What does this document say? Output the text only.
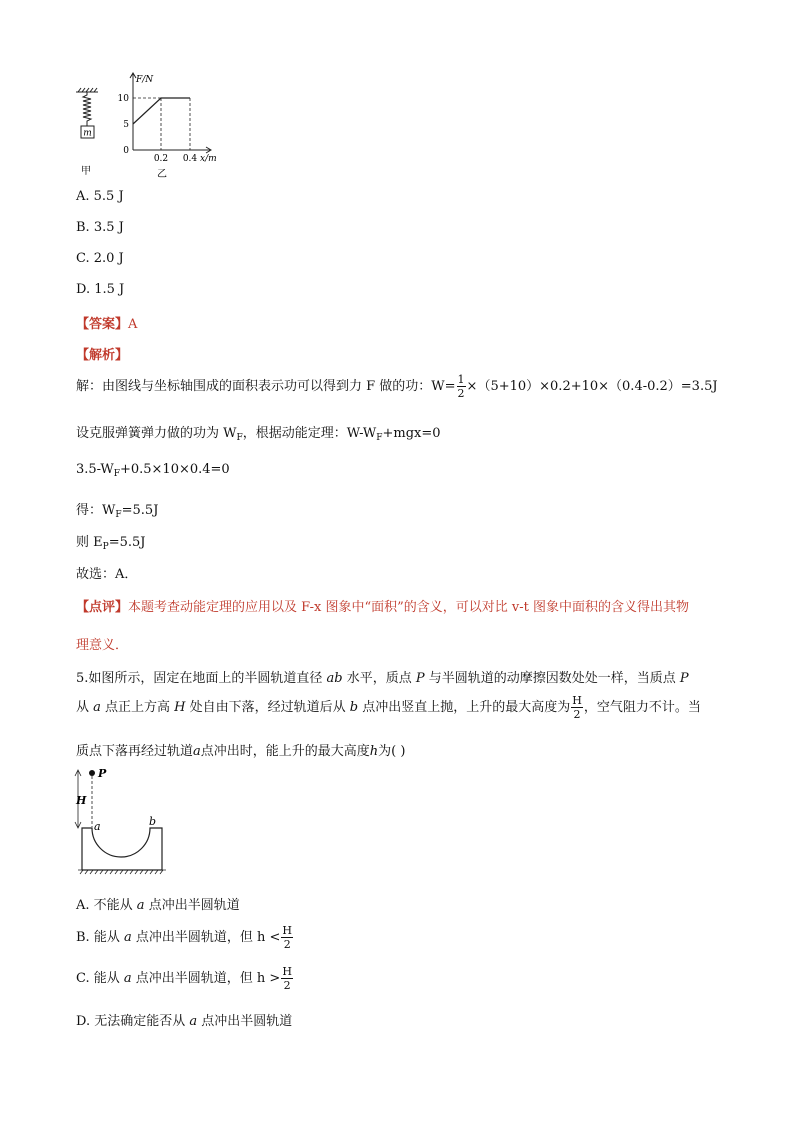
m
甲
F/N
10
5
0
0.2 0.4 x/m
乙
A. 5.5 J
B. 3.5 J
C. 2.0 J
D. 1.5 J
【答案】A
【解析】
解：由图线与坐标轴围成的面积表示功可以得到力 F 做的功：$W= \frac{1}{2} \times(5+10)\times 0.2+10\times(0.4-0.2)=3.5J$
设克服弹簧弹力做的功为 $W_F$，根据动能定理：$W-W_F+mgx=0$
$3.5-W_F+0.5\times 10\times 0.4=0$
得：$W_F=5.5J$
则 $E_P=5.5J$
故选：A．
【点评】本题考查动能定理的应用以及 F-x 图象中“面积”的含义，可以对比 v-t 图象中面积的含义得出其物
理意义．
5.如图所示，固定在地面上的半圆轨道直径 ab 水平，质点 P 与半圆轨道的动摩擦因数处处一样，当质点 P
从 a 点正上方高 H 处自由下落，经过轨道后从 b 点冲出竖直上抛，上升的最大高度为 $\frac{H}{2}$ ，空气阻力不计。当
质点下落再经过轨道a点冲出时，能上升的最大高度h为( )
P
H
a	b
A. 不能从 a 点冲出半圆轨道
B. 能从 a 点冲出半圆轨道，但 $h < \frac{H}{2}$
C. 能从 a 点冲出半圆轨道，但 $h > \frac{H}{2}$
D. 无法确定能否从 a 点冲出半圆轨道
